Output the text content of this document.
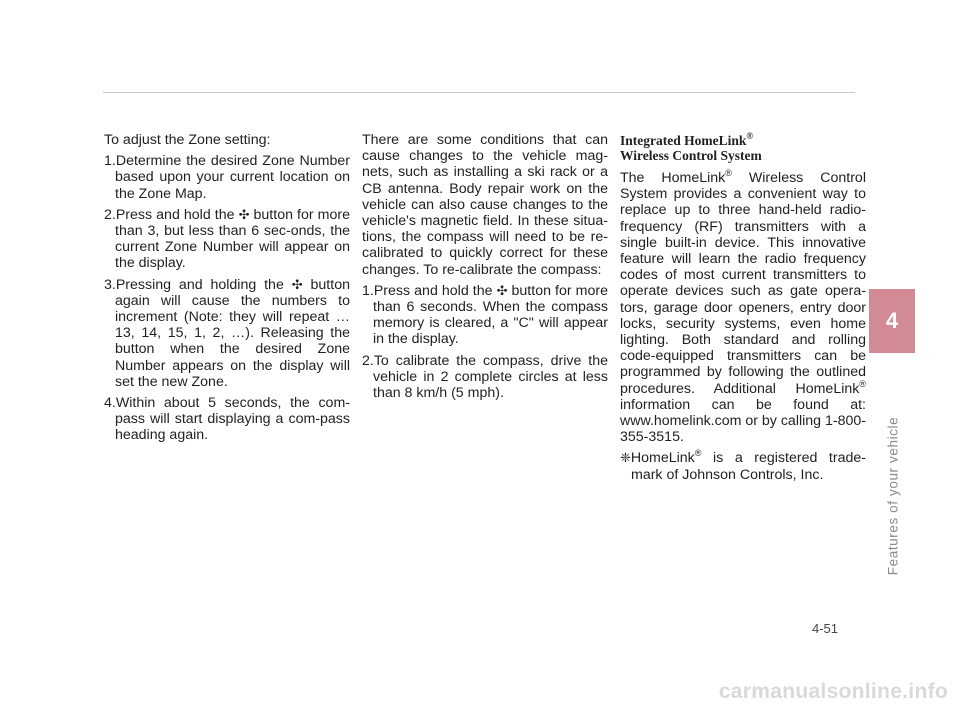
To adjust the Zone setting:

1.Determine the desired Zone Number based upon your current location on the Zone Map.

2.Press and hold the ✣ button for more than 3, but less than 6 sec-onds, the current Zone Number will appear on the display.

3.Pressing and holding the ✣ button again will cause the numbers to increment (Note: they will repeat …13, 14, 15, 1, 2, …). Releasing the button when the desired Zone Number appears on the display will set the new Zone.

4.Within about 5 seconds, the com-pass will start displaying a com-pass heading again.

There are some conditions that can cause changes to the vehicle mag-nets, such as installing a ski rack or a CB antenna. Body repair work on the vehicle can also cause changes to the vehicle's magnetic field. In these situa-tions, the compass will need to be re-calibrated to quickly correct for these changes. To re-calibrate the compass:

1.Press and hold the ✣ button for more than 6 seconds. When the compass memory is cleared, a "C" will appear in the display.

2.To calibrate the compass, drive the vehicle in 2 complete circles at less than 8 km/h (5 mph).

Integrated HomeLink®
Wireless Control System

The HomeLink® Wireless Control System provides a convenient way to replace up to three hand-held radio-frequency (RF) transmitters with a single built-in device. This innovative feature will learn the radio frequency codes of most current transmitters to operate devices such as gate opera-tors, garage door openers, entry door locks, security systems, even home lighting. Both standard and rolling code-equipped transmitters can be programmed by following the outlined procedures. Additional HomeLink® information can be found at: www.homelink.com or by calling 1-800-355-3515.

❈HomeLink® is a registered trade-mark of Johnson Controls, Inc.

4
Features of your vehicle
4-51
carmanualsonline.info
